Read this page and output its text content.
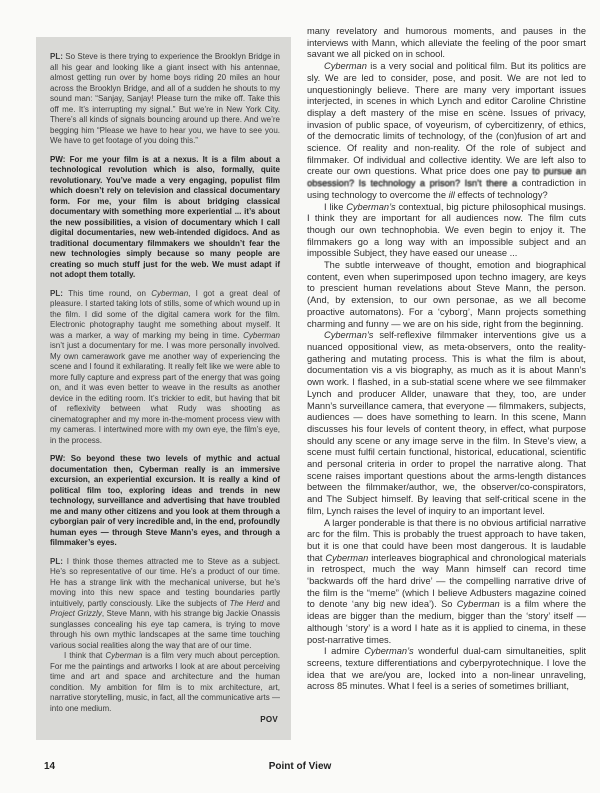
PL: So Steve is there trying to experience the Brooklyn Bridge in all his gear and looking like a giant insect with his antennae, almost getting run over by home boys riding 20 miles an hour across the Brooklyn Bridge, and all of a sudden he shouts to my sound man: “Sanjay, Sanjay! Please turn the mike off. Take this off me. It’s interrupting my signal.” But we’re in New York City. There’s all kinds of signals bouncing around up there. And we’re begging him “Please we have to hear you, we have to see you. We have to get footage of you doing this.”

PW: For me your film is at a nexus. It is a film about a technological revolution which is also, formally, quite revolutionary. You’ve made a very engaging, populist film which doesn’t rely on television and classical documentary form. For me, your film is about bridging classical documentary with something more experiential ... it’s about the new possibilities, a vision of documentary which I call digital documentaries, new web-intended digidocs. And as traditional documentary filmmakers we shouldn’t fear the new technologies simply because so many people are creating so much stuff just for the web. We must adapt if not adopt them totally.

PL: This time round, on Cyberman, I got a great deal of pleasure. I started taking lots of stills, some of which wound up in the film. I did some of the digital camera work for the film. Electronic photography taught me something about myself. It was a marker, a way of marking my being in time. Cyberman isn’t just a documentary for me. I was more personally involved. My own camerawork gave me another way of experiencing the scene and I found it exhilarating. It really felt like we were able to more fully capture and express part of the energy that was going on, and it was even better to weave in the results as another device in the editing room. It’s trickier to edit, but having that bit of reflexivity between what Rudy was shooting as cinematographer and my more in-the-moment process view with my cameras. I intertwined more with my own eye, the film’s eye, in the process.

PW: So beyond these two levels of mythic and actual documentation then, Cyberman really is an immersive excursion, an experiential excursion. It is really a kind of political film too, exploring ideas and trends in new technology, surveillance and advertising that have troubled me and many other citizens and you look at them through a cyborgian pair of very incredible and, in the end, profoundly human eyes — through Steve Mann’s eyes, and through a filmmaker’s eyes.

PL: I think those themes attracted me to Steve as a subject. He’s so representative of our time. He’s a product of our time. He has a strange link with the mechanical universe, but he’s moving into this new space and testing boundaries partly intuitively, partly consciously. Like the subjects of The Herd and Project Grizzly, Steve Mann, with his strange big Jackie Onassis sunglasses concealing his eye tap camera, is trying to move through his own mythic landscapes at the same time touching various social realities along the way that are of our time.

I think that Cyberman is a film very much about perception. For me the paintings and artworks I look at are about perceiving time and art and space and architecture and the human condition. My ambition for film is to mix architecture, art, narrative storytelling, music, in fact, all the communicative arts — into one medium.

POV

many revelatory and humorous moments, and pauses in the interviews with Mann, which alleviate the feeling of the poor smart savant we all picked on in school.

Cyberman is a very social and political film. But its politics are sly. We are led to consider, pose, and posit. We are not led to unquestioningly believe. There are many very important issues interjected, in scenes in which Lynch and editor Caroline Christine display a deft mastery of the mise en scène. Issues of privacy, invasion of public space, of voyeurism, of cybercitizenry, of ethics, of the democratic limits of technology, of the (con)fusion of art and science. Of reality and non-reality. Of the role of subject and filmmaker. Of individual and collective identity. We are left also to create our own questions. What price does one pay to pursue an obsession? Is technology a prison? Isn’t there a contradiction in using technology to overcome the ill effects of technology?

I like Cyberman’s contextual, big picture philosophical musings. I think they are important for all audiences now. The film cuts though our own technophobia. We even begin to enjoy it. The filmmakers go a long way with an impossible subject and an impossible Subject, they have eased our unease ...

The subtle interweave of thought, emotion and biographical content, even when superimposed upon techno imagery, are keys to prescient human revelations about Steve Mann, the person. (And, by extension, to our own personae, as we all become proactive automatons). For a ‘cyborg’, Mann projects something charming and funny — we are on his side, right from the beginning.

Cyberman’s self-reflexive filmmaker interventions give us a nuanced oppositional view, as meta-observers, onto the reality-gathering and mutating process. This is what the film is about, documentation vis a vis biography, as much as it is about Mann’s own work. I flashed, in a sub-statial scene where we see filmmaker Lynch and producer Allder, unaware that they, too, are under Mann’s surveillance camera, that everyone — filmmakers, subjects, audiences — does have something to learn. In this scene, Mann discusses his four levels of content theory, in effect, what purpose should any scene or any image serve in the film. In Steve’s view, a scene must fulfil certain functional, historical, educational, scientific and personal criteria in order to propel the narrative along. That scene raises important questions about the arms-length distances between the filmmaker/author, we, the observer/co-conspirators, and The Subject himself. By leaving that self-critical scene in the film, Lynch raises the level of inquiry to an important level.

A larger ponderable is that there is no obvious artificial narrative arc for the film. This is probably the truest approach to have taken, but it is one that could have been most dangerous. It is laudable that Cyberman interleaves biographical and chronological materials in retrospect, much the way Mann himself can record time ‘backwards off the hard drive’ — the compelling narrative drive of the film is the “meme” (which I believe Adbusters magazine coined to denote ‘any big new idea’). So Cyberman is a film where the ideas are bigger than the medium, bigger than the ‘story’ itself — although ‘story’ is a word I hate as it is applied to cinema, in these post-narrative times.

I admire Cyberman’s wonderful dual-cam simultaneities, split screens, texture differentiations and cyberpyrotechnique. I love the idea that we are/you are, locked into a non-linear unraveling, across 85 minutes. What I feel is a series of sometimes brilliant,

14	Point of View
